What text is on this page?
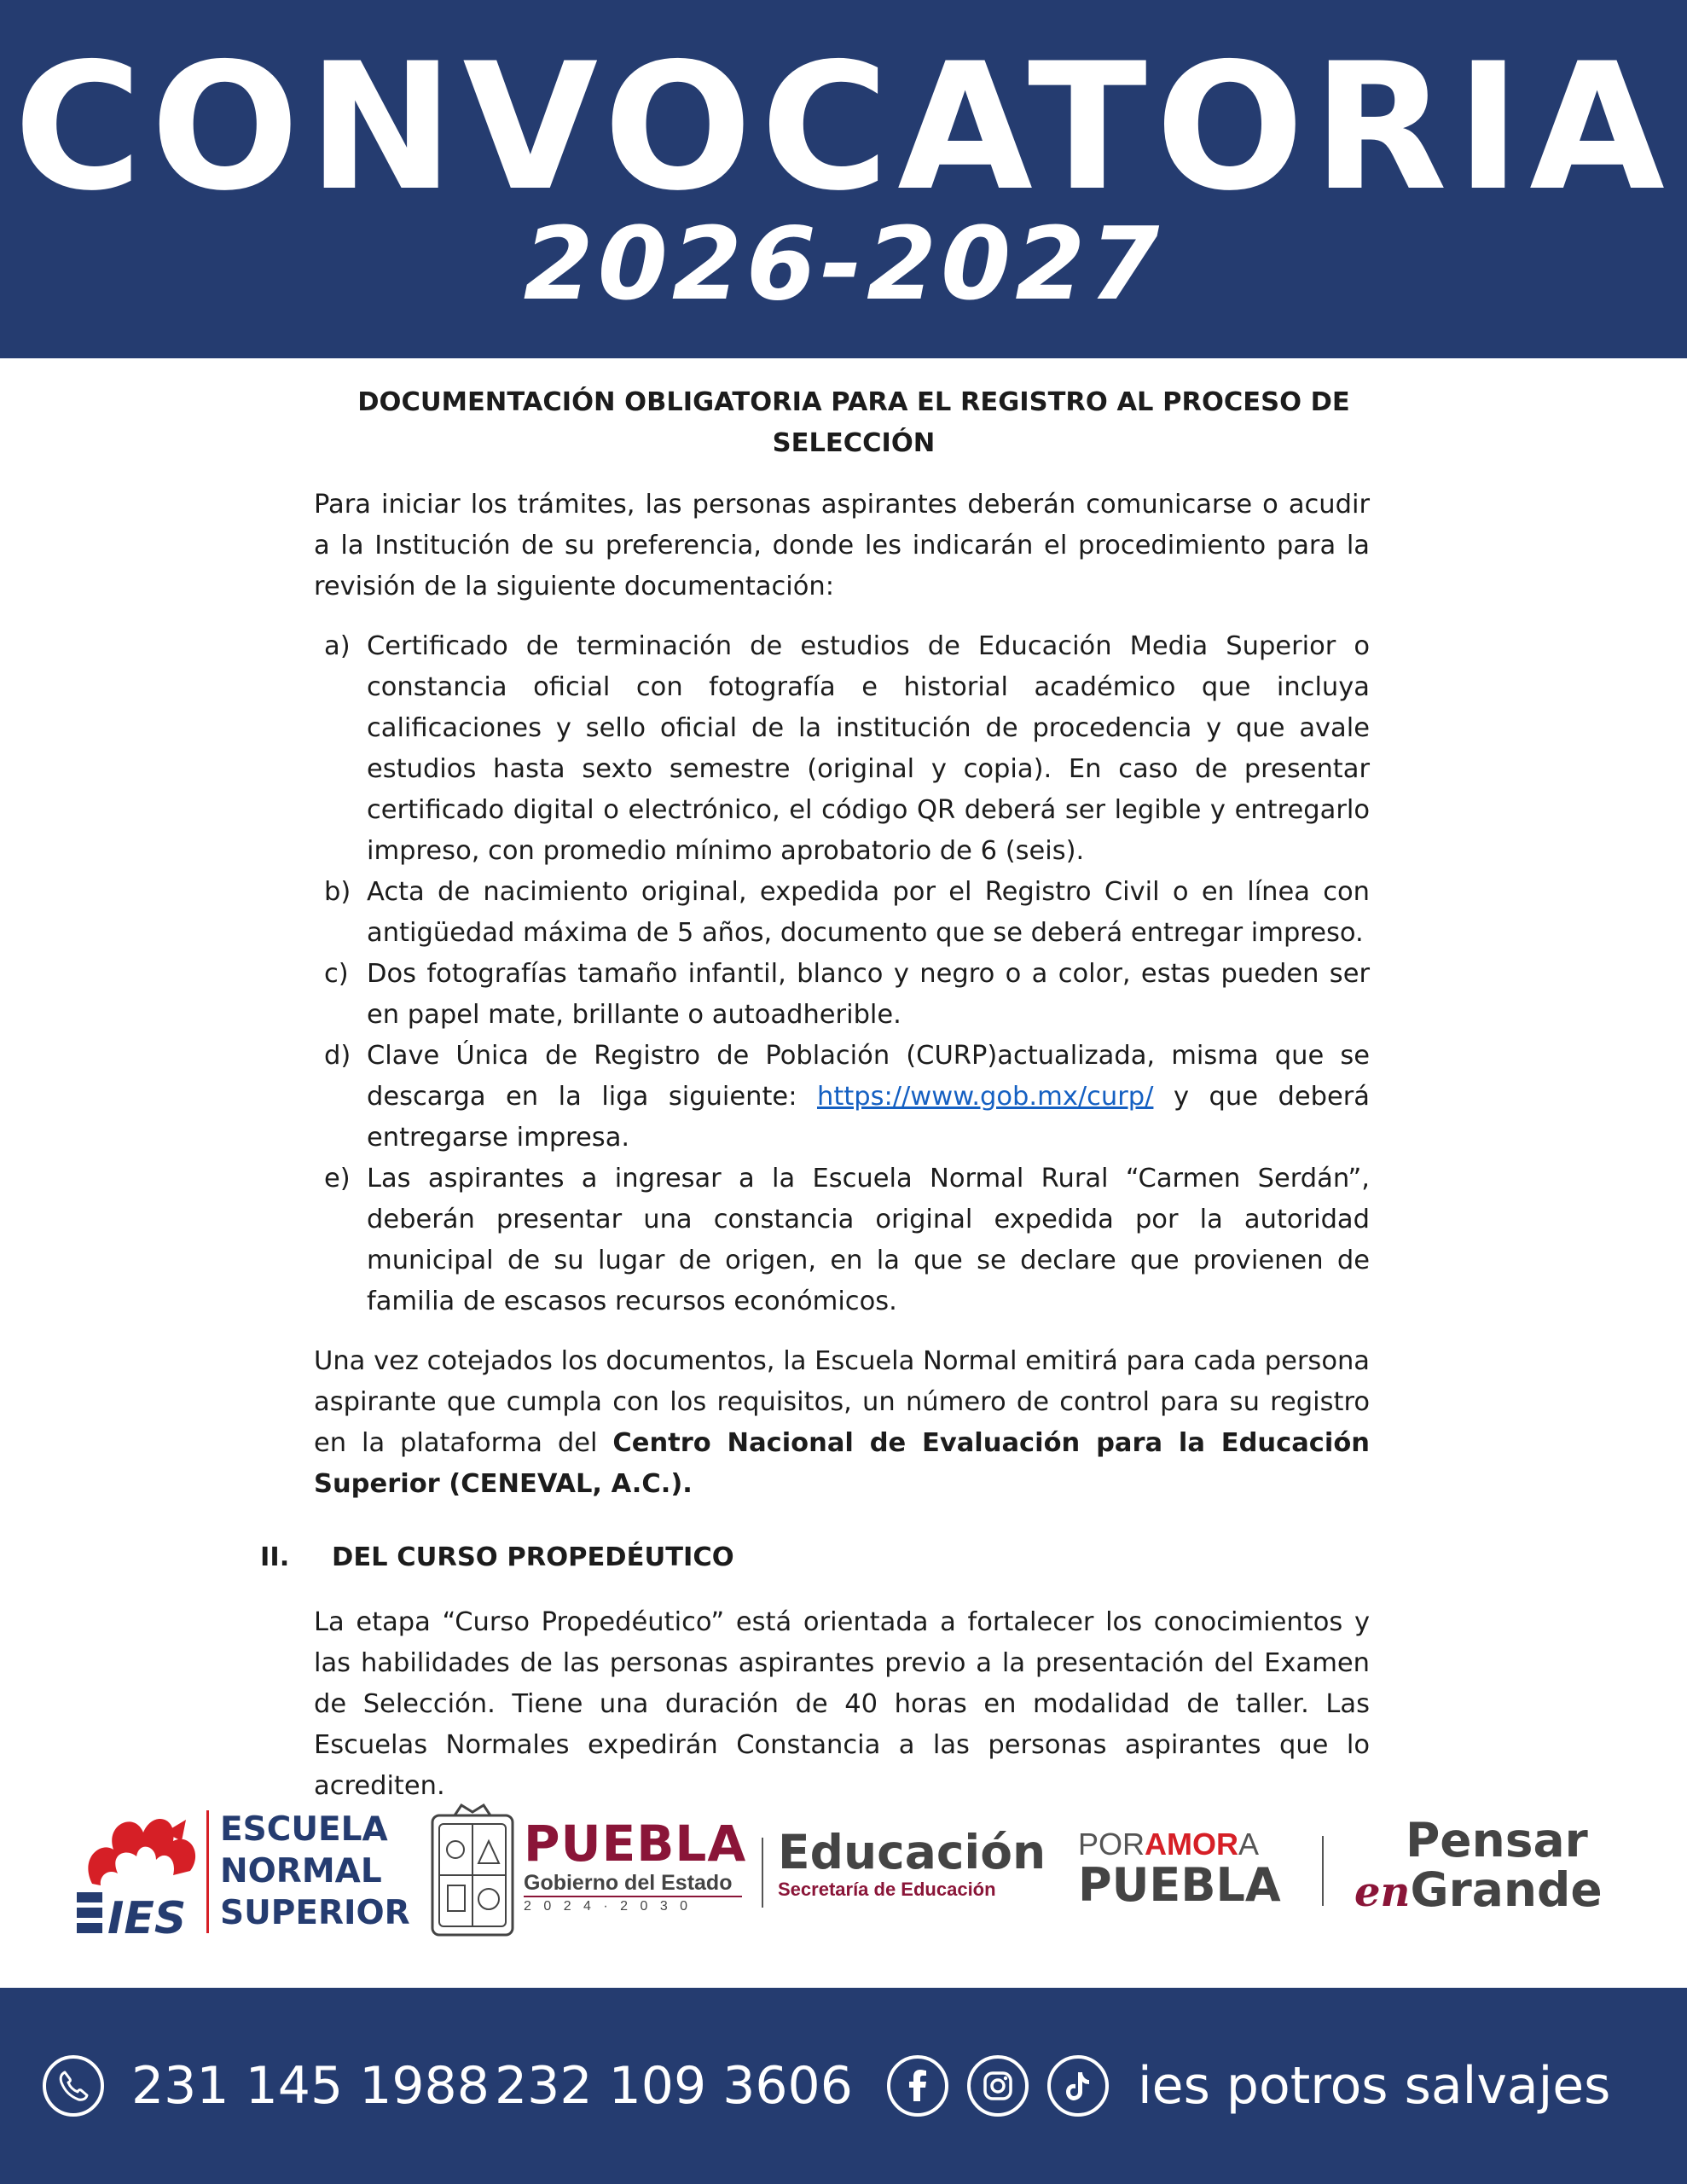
CONVOCATORIA
2026-2027
DOCUMENTACIÓN OBLIGATORIA PARA EL REGISTRO AL PROCESO DE SELECCIÓN

Para iniciar los trámites, las personas aspirantes deberán comunicarse o acudir a la Institución de su preferencia, donde les indicarán el procedimiento para la revisión de la siguiente documentación:

a) Certificado de terminación de estudios de Educación Media Superior o constancia oficial con fotografía e historial académico que incluya calificaciones y sello oficial de la institución de procedencia y que avale estudios hasta sexto semestre (original y copia). En caso de presentar certificado digital o electrónico, el código QR deberá ser legible y entregarlo impreso, con promedio mínimo aprobatorio de 6 (seis).
b) Acta de nacimiento original, expedida por el Registro Civil o en línea con antigüedad máxima de 5 años, documento que se deberá entregar impreso.
c) Dos fotografías tamaño infantil, blanco y negro o a color, estas pueden ser en papel mate, brillante o autoadherible.
d) Clave Única de Registro de Población (CURP)actualizada, misma que se descarga en la liga siguiente: https://www.gob.mx/curp/ y que deberá entregarse impresa.
e) Las aspirantes a ingresar a la Escuela Normal Rural “Carmen Serdán”, deberán presentar una constancia original expedida por la autoridad municipal de su lugar de origen, en la que se declare que provienen de familia de escasos recursos económicos.

Una vez cotejados los documentos, la Escuela Normal emitirá para cada persona aspirante que cumpla con los requisitos, un número de control para su registro en la plataforma del Centro Nacional de Evaluación para la Educación Superior (CENEVAL, A.C.).

II. DEL CURSO PROPEDÉUTICO
La etapa “Curso Propedéutico” está orientada a fortalecer los conocimientos y las habilidades de las personas aspirantes previo a la presentación del Examen de Selección. Tiene una duración de 40 horas en modalidad de taller. Las Escuelas Normales expedirán Constancia a las personas aspirantes que lo acrediten.
IES
ESCUELA
NORMAL
SUPERIOR
PUEBLA
Gobierno del Estado
2 0 2 4 · 2 0 3 0
Educación
Secretaría de Educación
PORAMORA
PUEBLA
Pensar
enGrande
231 145 1988 232 109 3606	ies potros salvajes
